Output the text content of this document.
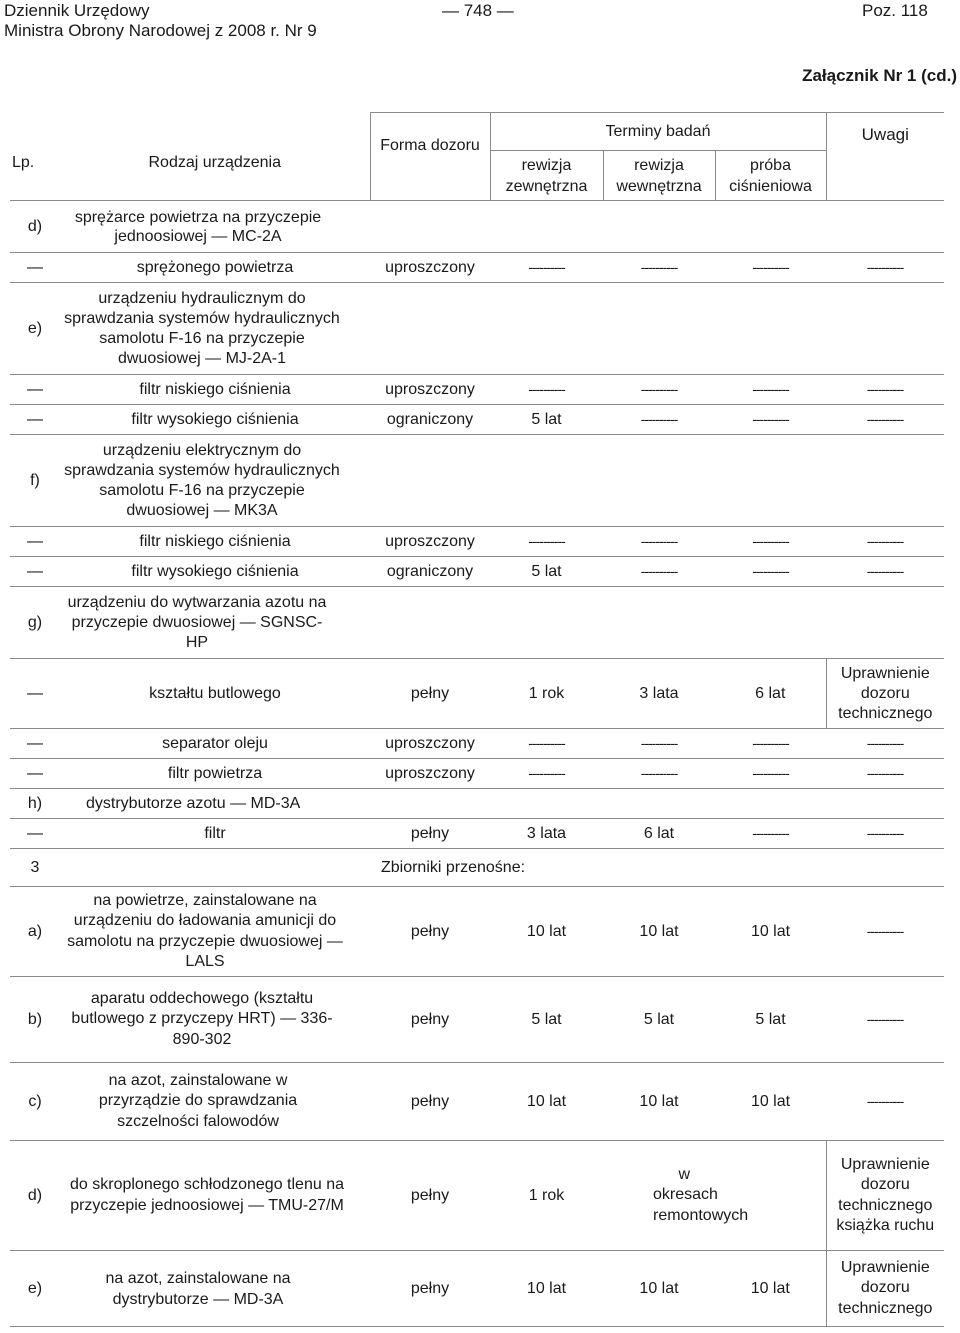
Dziennik Urzędowy
Ministra Obrony Narodowej z 2008 r. Nr 9
— 748 —	Poz. 118
Załącznik Nr 1 (cd.)
Lp.	Rodzaj urządzenia	Forma dozoru	Terminy badań			Uwagi
			rewizja zewnętrzna	rewizja wewnętrzna	próba ciśnieniowa	
d)	sprężarce powietrza na przyczepie jednoosiowej — MC-2A					
—	sprężonego powietrza	uproszczony	----------	----------	----------	----------
e)	urządzeniu hydraulicznym do sprawdzania systemów hydraulicznych samolotu F-16 na przyczepie dwuosiowej — MJ-2A-1					
—	filtr niskiego ciśnienia	uproszczony	----------	----------	----------	----------
—	filtr wysokiego ciśnienia	ograniczony	5 lat	----------	----------	----------
f)	urządzeniu elektrycznym do sprawdzania systemów hydraulicznych samolotu F-16 na przyczepie dwuosiowej — MK3A					
—	filtr niskiego ciśnienia	uproszczony	----------	----------	----------	----------
—	filtr wysokiego ciśnienia	ograniczony	5 lat	----------	----------	----------
g)	urządzeniu do wytwarzania azotu na przyczepie dwuosiowej — SGNSC-HP					
—	kształtu butlowego	pełny	1 rok	3 lata	6 lat	Uprawnienie dozoru technicznego
—	separator oleju	uproszczony	----------	----------	----------	----------
—	filtr powietrza	uproszczony	----------	----------	----------	----------
h)	dystrybutorze azotu — MD-3A					
—	filtr	pełny	3 lata	6 lat	----------	----------
3	Zbiorniki przenośne:					
a)	na powietrze, zainstalowane na urządzeniu do ładowania amunicji do samolotu na przyczepie dwuosiowej — LALS	pełny	10 lat	10 lat	10 lat	----------
b)	aparatu oddechowego (kształtu butlowego z przyczepy HRT) — 336-890-302	pełny	5 lat	5 lat	5 lat	----------
c)	na azot, zainstalowane w przyrządzie do sprawdzania szczelności falowodów	pełny	10 lat	10 lat	10 lat	----------
d)	do skroplonego schłodzonego tlenu na przyczepie jednoosiowej — TMU-27/M	pełny	1 rok	w okresach remontowych		Uprawnienie dozoru technicznego książka ruchu
e)	na azot, zainstalowane na dystrybutorze — MD-3A	pełny	10 lat	10 lat	10 lat	Uprawnienie dozoru technicznego
